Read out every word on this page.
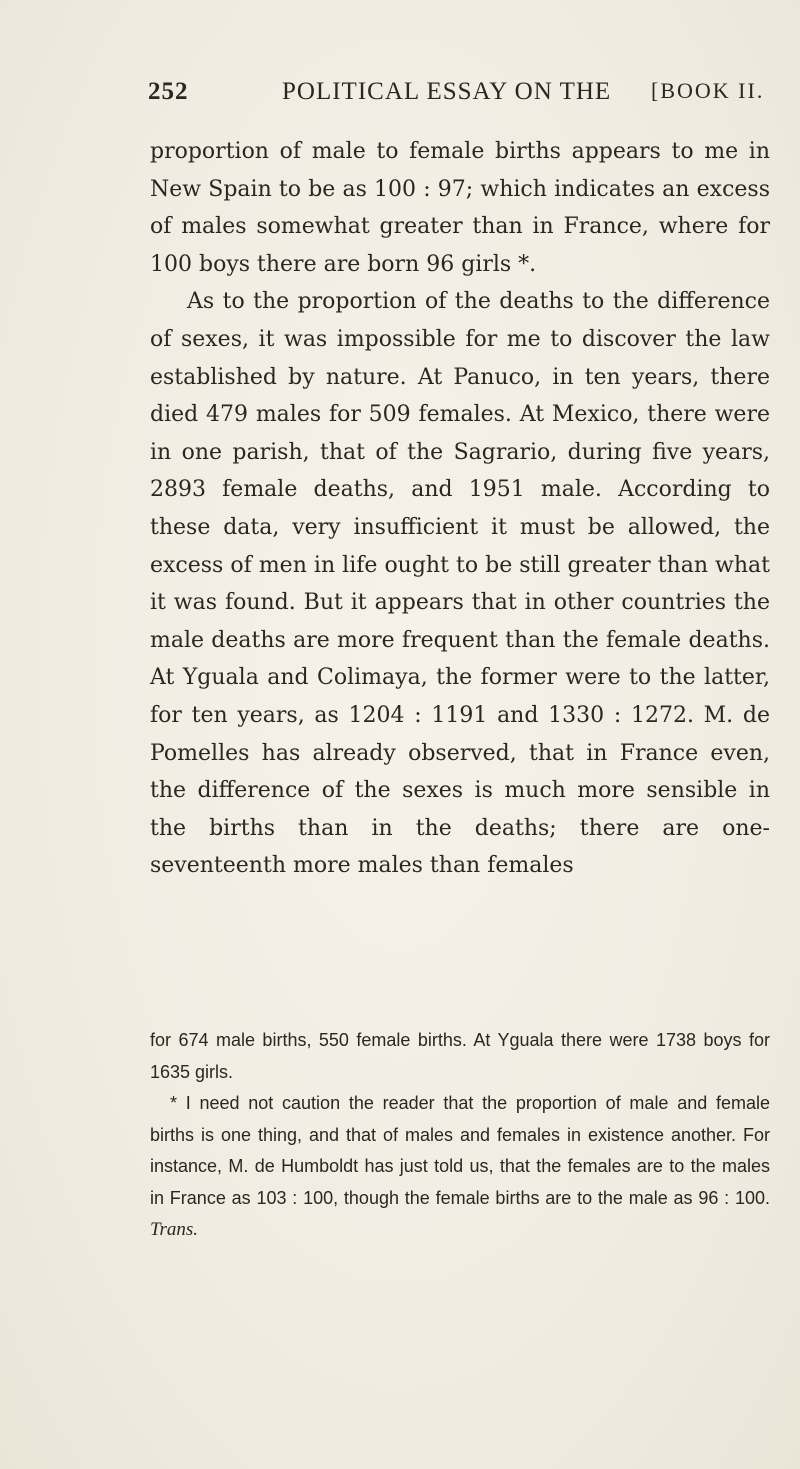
252	POLITICAL ESSAY ON THE [BOOK II.

proportion of male to female births appears to me in New Spain to be as 100 : 97; which indicates an excess of males somewhat greater than in France, where for 100 boys there are born 96 girls *.

As to the proportion of the deaths to the difference of sexes, it was impossible for me to discover the law established by nature. At Panuco, in ten years, there died 479 males for 509 females. At Mexico, there were in one parish, that of the Sagrario, during five years, 2893 female deaths, and 1951 male. According to these data, very insufficient it must be allowed, the excess of men in life ought to be still greater than what it was found. But it appears that in other countries the male deaths are more frequent than the female deaths. At Yguala and Colimaya, the former were to the latter, for ten years, as 1204 : 1191 and 1330 : 1272. M. de Pomelles has already observed, that in France even, the difference of the sexes is much more sensible in the births than in the deaths; there are one-seventeenth more males than females

for 674 male births, 550 female births. At Yguala there were 1738 boys for 1635 girls.

* I need not caution the reader that the proportion of male and female births is one thing, and that of males and females in existence another. For instance, M. de Humboldt has just told us, that the females are to the males in France as 103 : 100, though the female births are to the male as 96 : 100. Trans.
